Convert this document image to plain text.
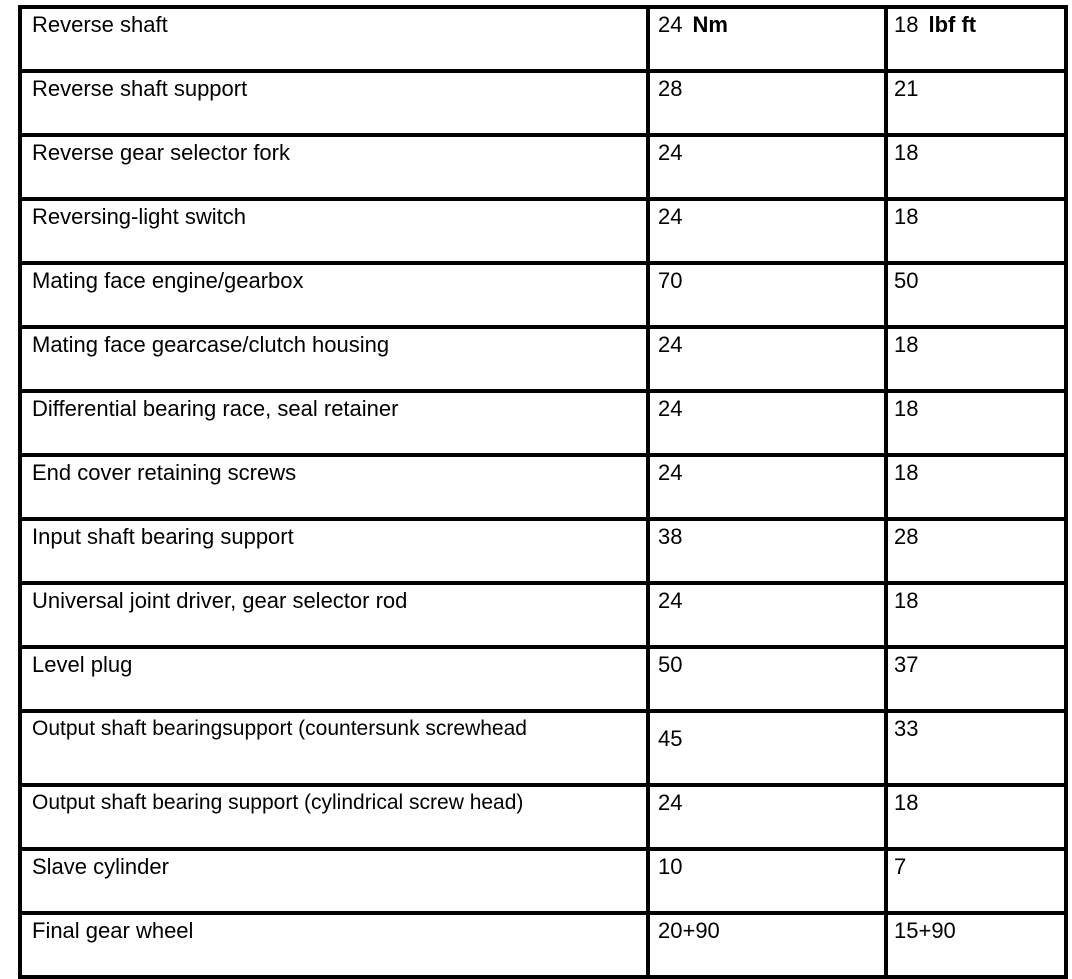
Reverse shaft	24 Nm	18 lbf ft
Reverse shaft support	28	21
Reverse gear selector fork	24	18
Reversing-light switch	24	18
Mating face engine/gearbox	70	50
Mating face gearcase/clutch housing	24	18
Differential bearing race, seal retainer	24	18
End cover retaining screws	24	18
Input shaft bearing support	38	28
Universal joint driver, gear selector rod	24	18
Level plug	50	37
Output shaft bearingsupport (countersunk screwhead	45	33
Output shaft bearing support (cylindrical screw head)	24	18
Slave cylinder	10	7
Final gear wheel	20+90	15+90
